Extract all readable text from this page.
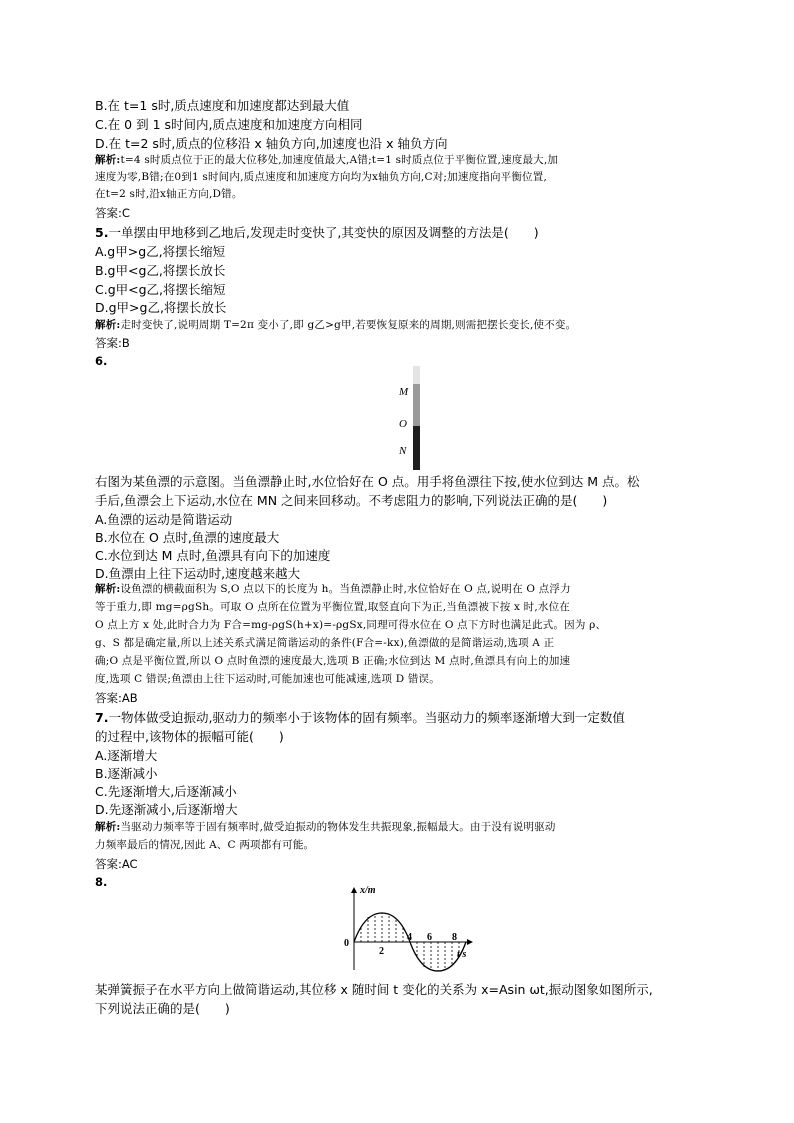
B.在 t=1 s时,质点速度和加速度都达到最大值
C.在 0 到 1 s时间内,质点速度和加速度方向相同
D.在 t=2 s时,质点的位移沿 x 轴负方向,加速度也沿 x 轴负方向
解析:t=4 s时质点位于正的最大位移处,加速度值最大,A错;t=1 s时质点位于平衡位置,速度最大,加
速度为零,B错;在0到1 s时间内,质点速度和加速度方向均为x轴负方向,C对;加速度指向平衡位置,
在t=2 s时,沿x轴正方向,D错。
答案:C
5.一单摆由甲地移到乙地后,发现走时变快了,其变快的原因及调整的方法是(　　)
A.g甲>g乙,将摆长缩短
B.g甲<g乙,将摆长放长
C.g甲<g乙,将摆长缩短
D.g甲>g乙,将摆长放长
解析:走时变快了,说明周期 T=2π 变小了,即 g乙>g甲,若要恢复原来的周期,则需把摆长变长,使不变。
答案:B
6.
M
O
N
右图为某鱼漂的示意图。当鱼漂静止时,水位恰好在 O 点。用手将鱼漂往下按,使水位到达 M 点。松
手后,鱼漂会上下运动,水位在 MN 之间来回移动。不考虑阻力的影响,下列说法正确的是(　　)
A.鱼漂的运动是简谐运动
B.水位在 O 点时,鱼漂的速度最大
C.水位到达 M 点时,鱼漂具有向下的加速度
D.鱼漂由上往下运动时,速度越来越大
解析:设鱼漂的横截面积为 S,O 点以下的长度为 h。当鱼漂静止时,水位恰好在 O 点,说明在 O 点浮力
等于重力,即 mg=ρgSh。可取 O 点所在位置为平衡位置,取竖直向下为正,当鱼漂被下按 x 时,水位在
O 点上方 x 处,此时合力为 F合=mg-ρgS(h+x)=-ρgSx,同理可得水位在 O 点下方时也满足此式。因为 ρ、
g、S 都是确定量,所以上述关系式满足简谐运动的条件(F合=-kx),鱼漂做的是简谐运动,选项 A 正
确;O 点是平衡位置,所以 O 点时鱼漂的速度最大,选项 B 正确;水位到达 M 点时,鱼漂具有向上的加速
度,选项 C 错误;鱼漂由上往下运动时,可能加速也可能减速,选项 D 错误。
答案:AB
7.一物体做受迫振动,驱动力的频率小于该物体的固有频率。当驱动力的频率逐渐增大到一定数值
的过程中,该物体的振幅可能(　　)
A.逐渐增大
B.逐渐减小
C.先逐渐增大,后逐渐减小
D.先逐渐减小,后逐渐增大
解析:当驱动力频率等于固有频率时,做受迫振动的物体发生共振现象,振幅最大。由于没有说明驱动
力频率最后的情况,因此 A、C 两项都有可能。
答案:AC
8.
x/m
t/s
0
2
4 6 8
某弹簧振子在水平方向上做简谐运动,其位移 x 随时间 t 变化的关系为 x=Asin ωt,振动图象如图所示,
下列说法正确的是(　　)
